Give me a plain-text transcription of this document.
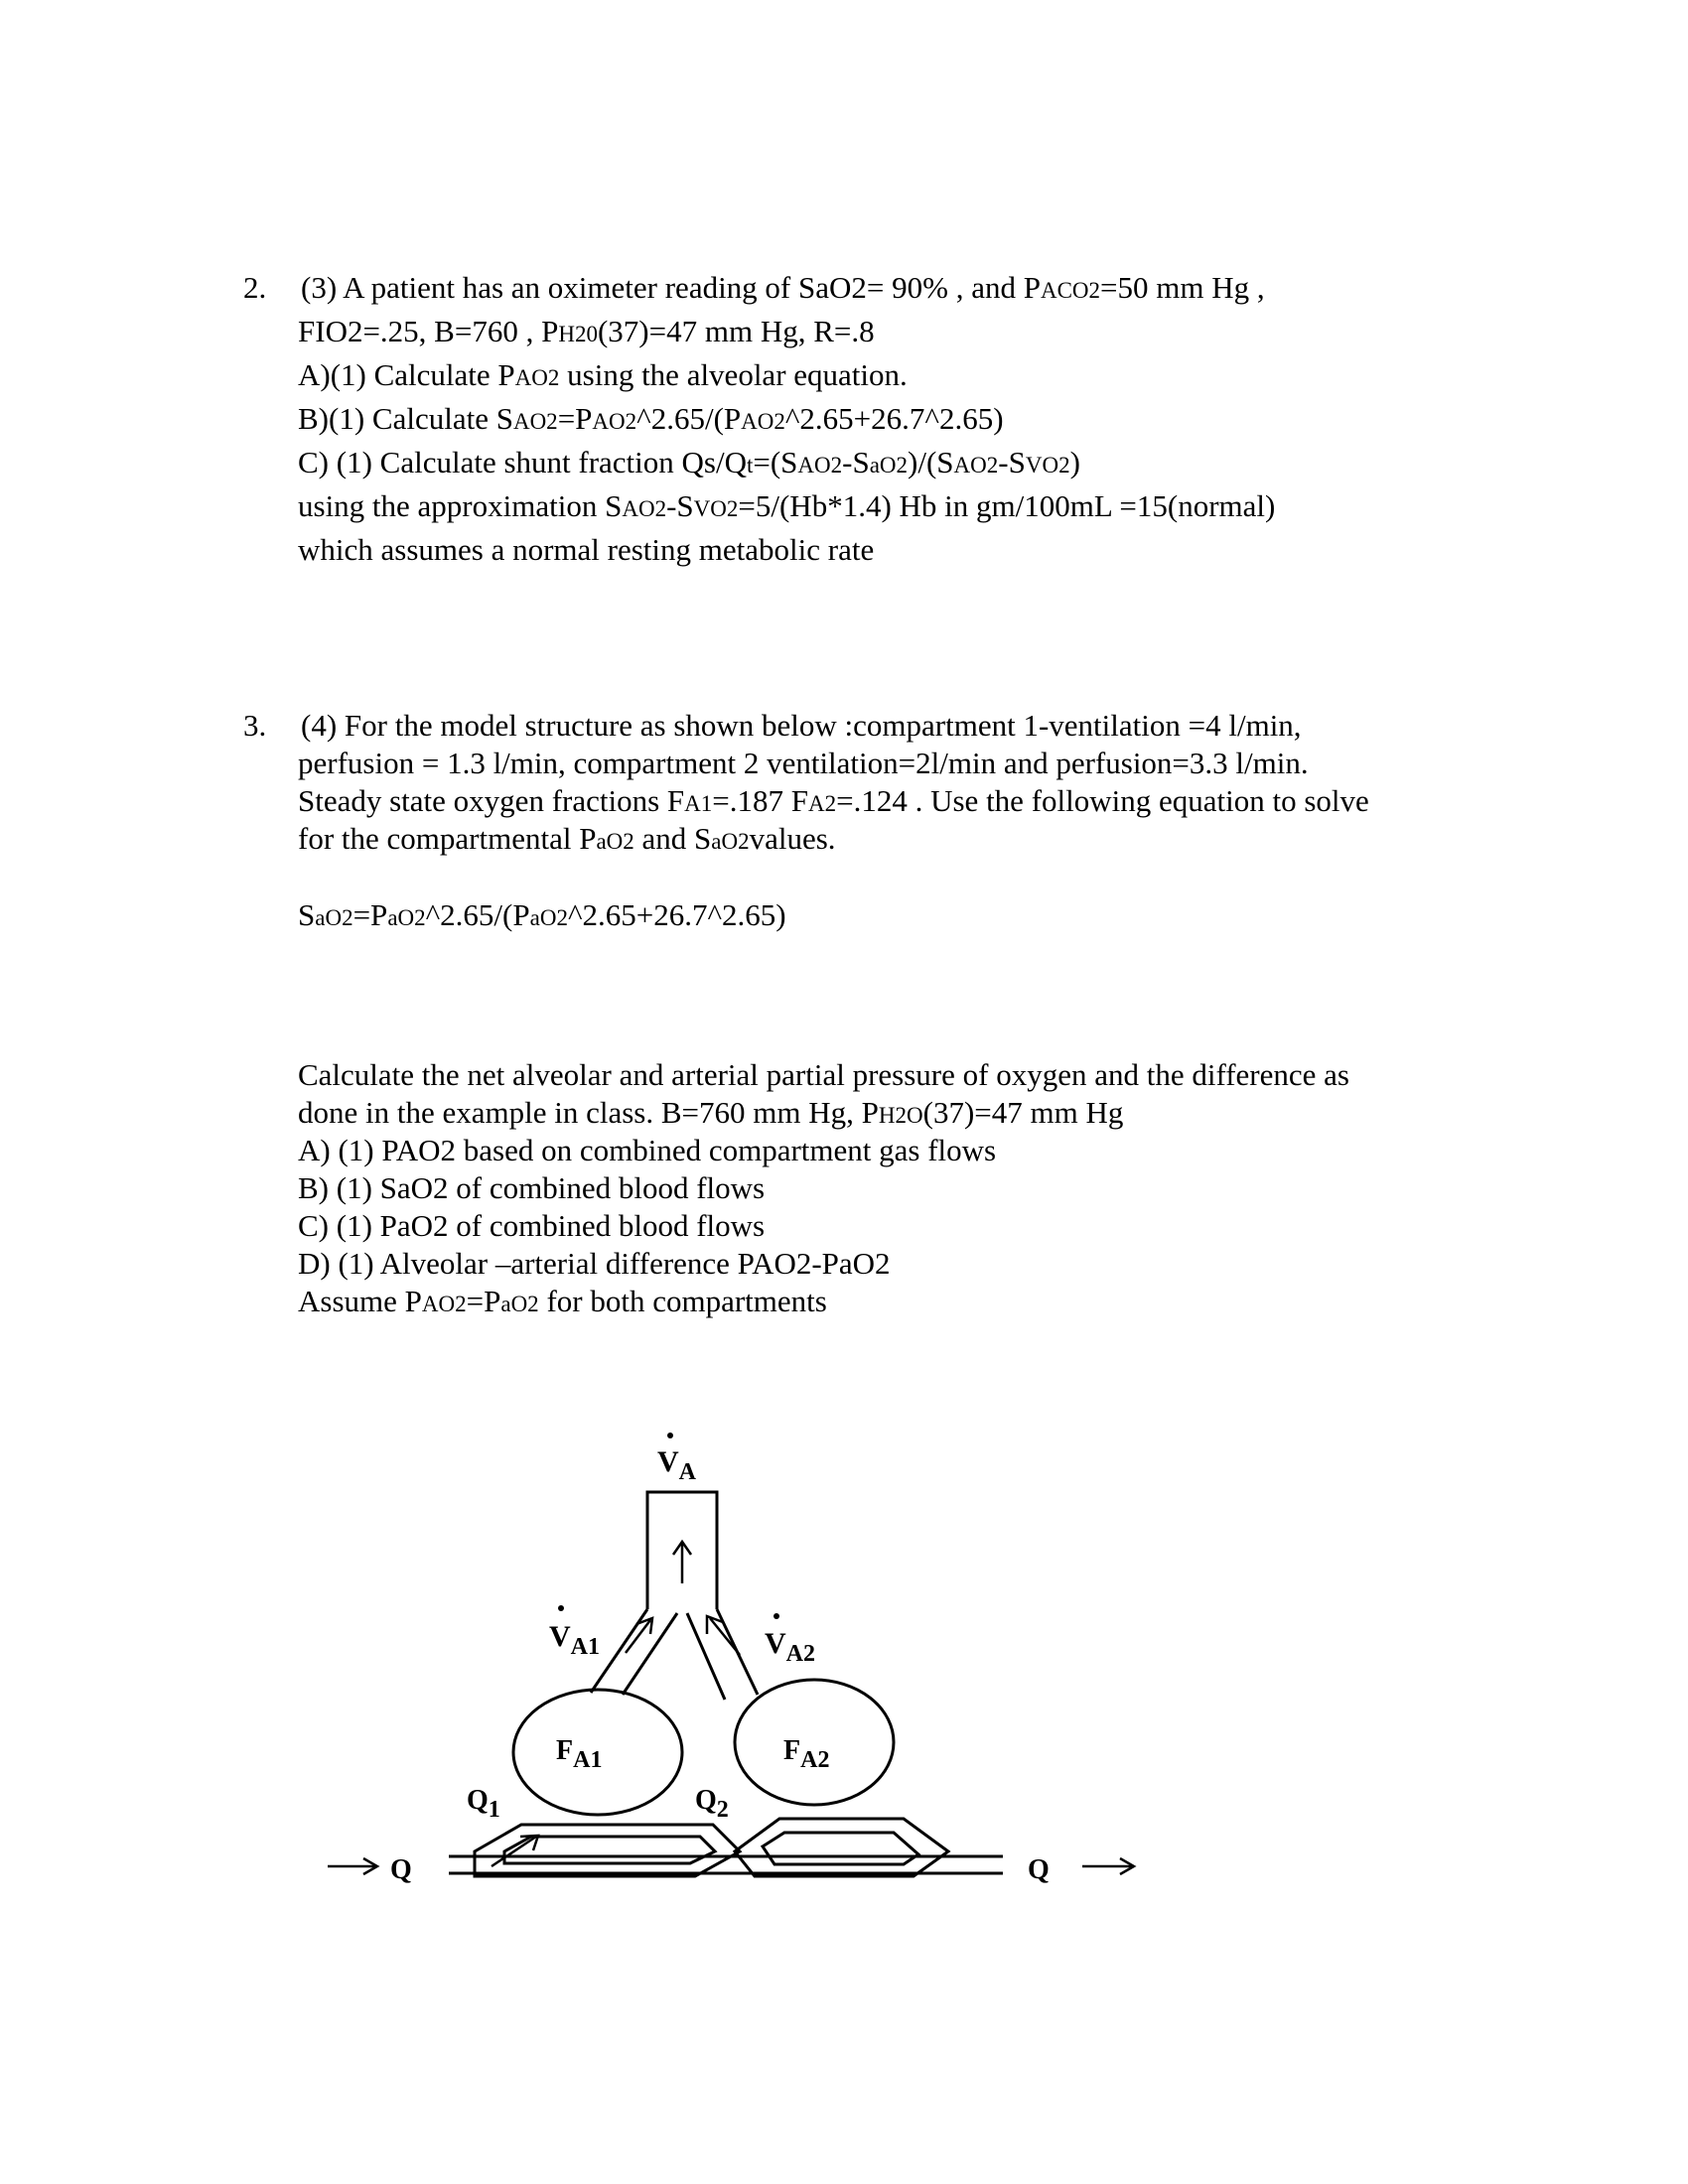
2. (3) A patient has an oximeter reading of SaO2= 90% , and PACO2=50 mm Hg ,
FIO2=.25, B=760 , PH20(37)=47 mm Hg, R=.8
A)(1) Calculate PAO2 using the alveolar equation.
B)(1) Calculate SAO2=PAO2^2.65/(PAO2^2.65+26.7^2.65)
C) (1) Calculate shunt fraction Qs/Qt=(SAO2-SaO2)/(SAO2-SVO2)
using the approximation SAO2-SVO2=5/(Hb*1.4) Hb in gm/100mL =15(normal)
which assumes a normal resting metabolic rate
3. (4) For the model structure as shown below :compartment 1-ventilation =4 l/min,
perfusion = 1.3 l/min, compartment 2 ventilation=2l/min and perfusion=3.3 l/min.
Steady state oxygen fractions FA1=.187 FA2=.124 . Use the following equation to solve
for the compartmental PaO2 and SaO2values.
SaO2=PaO2^2.65/(PaO2^2.65+26.7^2.65)
Calculate the net alveolar and arterial partial pressure of oxygen and the difference as
done in the example in class. B=760 mm Hg, PH2O(37)=47 mm Hg
A) (1) PAO2 based on combined compartment gas flows
B) (1) SaO2 of combined blood flows
C) (1) PaO2 of combined blood flows
D) (1) Alveolar –arterial difference PAO2-PaO2
Assume PAO2=PaO2 for both compartments
$V_A$
$V_{A1}$	$V_{A2}$
FA1	FA2
Q1	Q2
Q	Q
